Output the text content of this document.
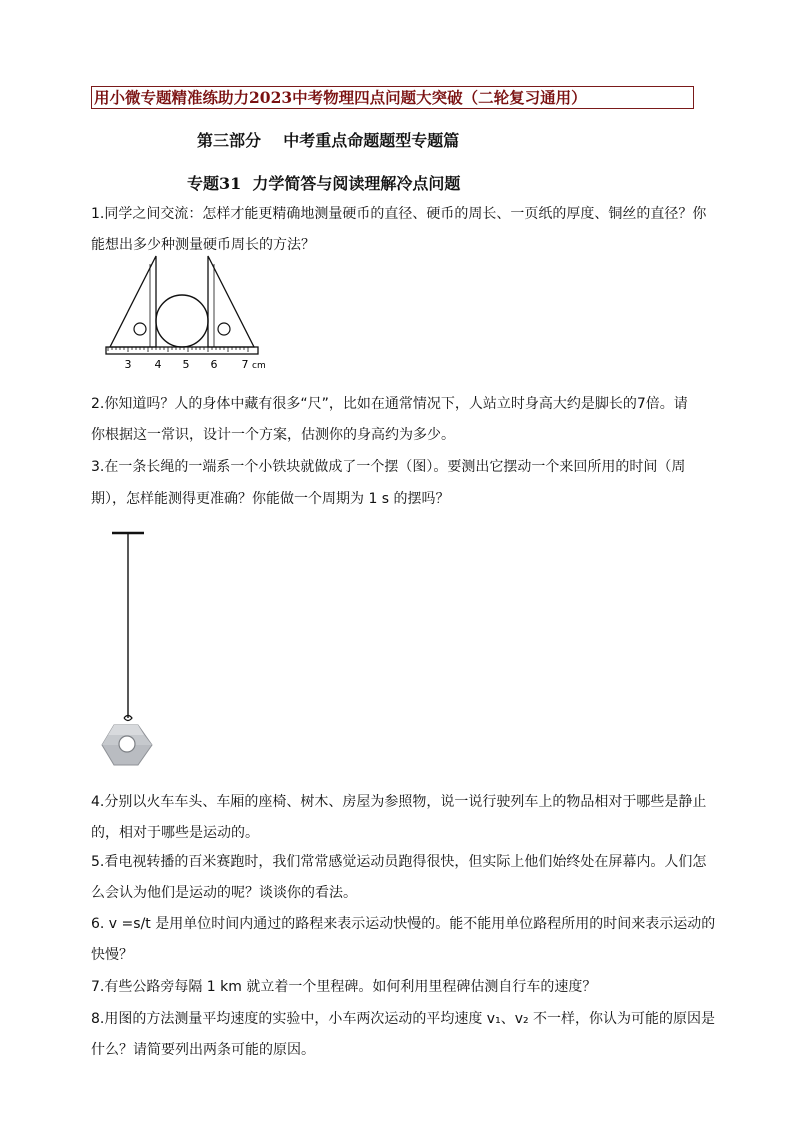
用小微专题精准练助力2023中考物理四点问题大突破（二轮复习通用）
第三部分    中考重点命题题型专题篇
专题31  力学简答与阅读理解冷点问题
1.同学之间交流：怎样才能更精确地测量硬币的直径、硬币的周长、一页纸的厚度、铜丝的直径？你
能想出多少种测量硬币周长的方法？
3 4 5 6 7 cm
2.你知道吗？人的身体中藏有很多“尺”，比如在通常情况下，人站立时身高大约是脚长的7倍。请
你根据这一常识，设计一个方案，估测你的身高约为多少。
3.在一条长绳的一端系一个小铁块就做成了一个摆（图）。要测出它摆动一个来回所用的时间（周
期），怎样能测得更准确？你能做一个周期为 1 s 的摆吗？
4.分别以火车车头、车厢的座椅、树木、房屋为参照物，说一说行驶列车上的物品相对于哪些是静止
的，相对于哪些是运动的。
5.看电视转播的百米赛跑时，我们常常感觉运动员跑得很快，但实际上他们始终处在屏幕内。人们怎
么会认为他们是运动的呢？谈谈你的看法。
6. v =s/t 是用单位时间内通过的路程来表示运动快慢的。能不能用单位路程所用的时间来表示运动的
快慢？
7.有些公路旁每隔 1 km 就立着一个里程碑。如何利用里程碑估测自行车的速度？
8.用图的方法测量平均速度的实验中，小车两次运动的平均速度 v₁、v₂ 不一样，你认为可能的原因是
什么？请简要列出两条可能的原因。
